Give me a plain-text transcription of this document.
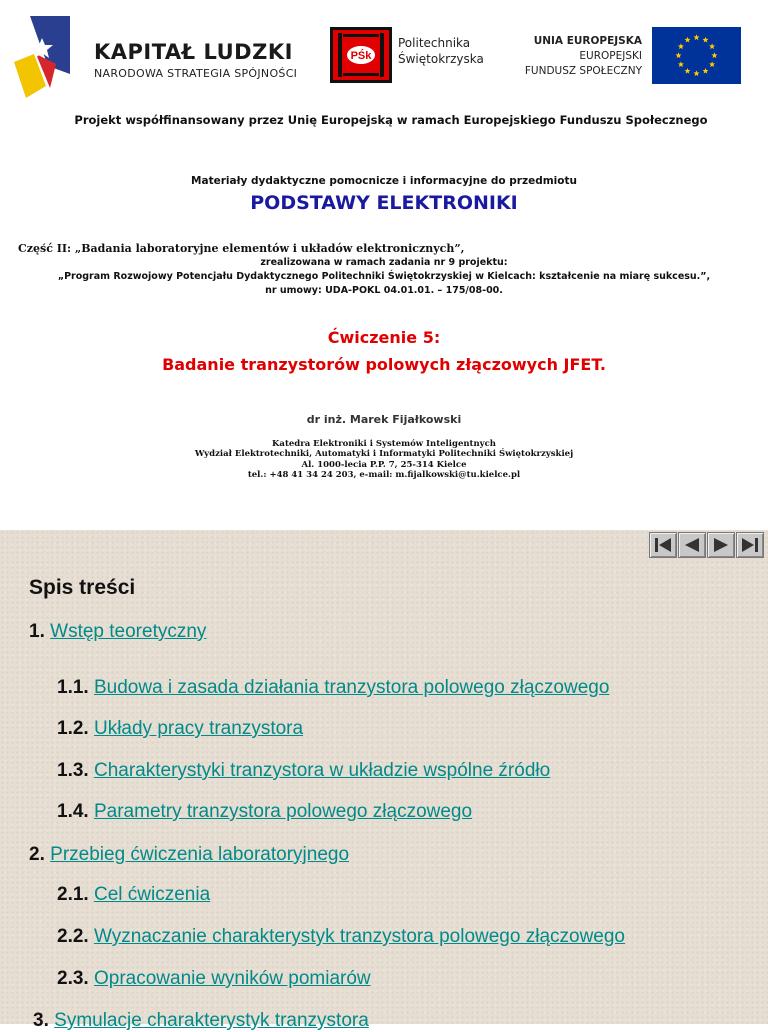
KAPITAŁ LUDZKI
NARODOWA STRATEGIA SPÓJNOŚCI
PŚk
Politechnika
Świętokrzyska
UNIA EUROPEJSKA
EUROPEJSKI
FUNDUSZ SPOŁECZNY
Projekt współfinansowany przez Unię Europejską w ramach Europejskiego Funduszu Społecznego
Materiały dydaktyczne pomocnicze i informacyjne do przedmiotu
PODSTAWY ELEKTRONIKI
Część II: „Badania laboratoryjne elementów i układów elektronicznych”,
zrealizowana w ramach zadania nr 9 projektu:
„Program Rozwojowy Potencjału Dydaktycznego Politechniki Świętokrzyskiej w Kielcach: kształcenie na miarę sukcesu.”,
nr umowy: UDA-POKL 04.01.01. – 175/08-00.
Ćwiczenie 5:
Badanie tranzystorów polowych złączowych JFET.
dr inż. Marek Fijałkowski
Katedra Elektroniki i Systemów Inteligentnych
Wydział Elektrotechniki, Automatyki i Informatyki Politechniki Świętokrzyskiej
Al. 1000-lecia P.P. 7, 25-314 Kielce
tel.: +48 41 34 24 203, e-mail: m.fijalkowski@tu.kielce.pl
Spis treści
1. Wstęp teoretyczny
1.1. Budowa i zasada działania tranzystora polowego złączowego
1.2. Układy pracy tranzystora
1.3. Charakterystyki tranzystora w układzie wspólne źródło
1.4. Parametry tranzystora polowego złączowego
2. Przebieg ćwiczenia laboratoryjnego
2.1. Cel ćwiczenia
2.2. Wyznaczanie charakterystyk tranzystora polowego złączowego
2.3. Opracowanie wyników pomiarów
3. Symulacje charakterystyk tranzystora
